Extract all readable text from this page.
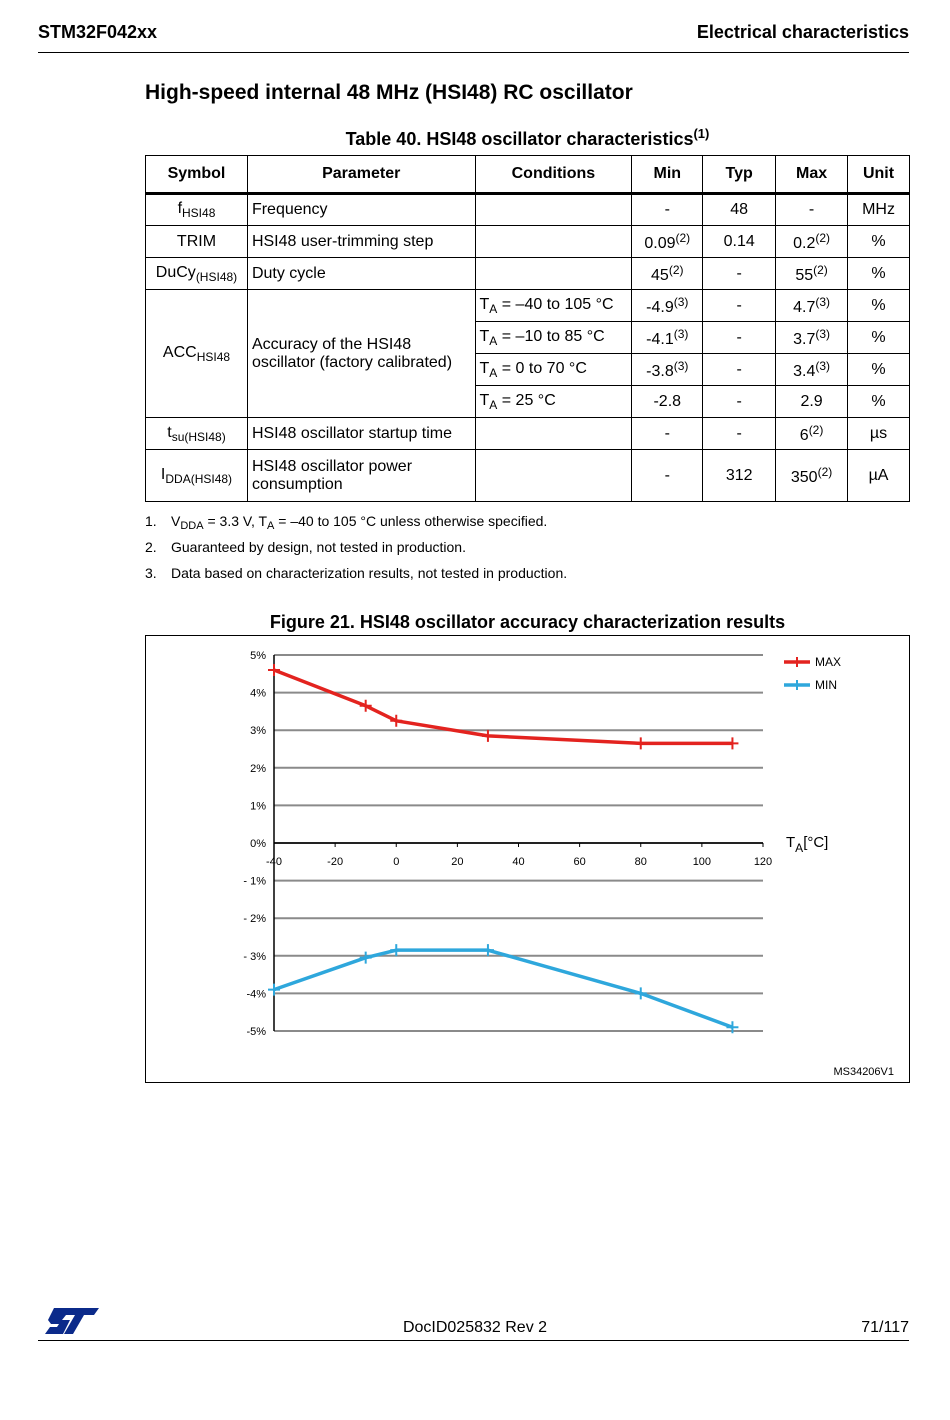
STM32F042xx	Electrical characteristics
High-speed internal 48 MHz (HSI48) RC oscillator
Table 40. HSI48 oscillator characteristics$^{(1)}$
Symbol	Parameter	Conditions	Min	Typ	Max	Unit
$f_{HSI48}$	Frequency		-	48	-	MHz
TRIM	HSI48 user-trimming step		0.09$^{(2)}$	0.14	0.2$^{(2)}$	%
DuCy$_{(HSI48)}$	Duty cycle		45$^{(2)}$	-	55$^{(2)}$	%
$ACC_{HSI48}$	Accuracy of the HSI48 oscillator (factory calibrated)	$T_A = -40$ to 105 °C	-4.9$^{(3)}$	-	4.7$^{(3)}$	%
		$T_A = -10$ to 85 °C	-4.1$^{(3)}$	-	3.7$^{(3)}$	%
		$T_A = 0$ to 70 °C	-3.8$^{(3)}$	-	3.4$^{(3)}$	%
		$T_A = 25$ °C	-2.8	-	2.9	%
$t_{su(HSI48)}$	HSI48 oscillator startup time		-	-	6$^{(2)}$	µs
$I_{DDA(HSI48)}$	HSI48 oscillator power consumption		-	312	350$^{(2)}$	µA
1.	$V_{DDA} = 3.3$ V, $T_A = -40$ to 105 °C unless otherwise specified.
2.	Guaranteed by design, not tested in production.
3.	Data based on characterization results, not tested in production.
Figure 21. HSI48 oscillator accuracy characterization results
5%
4%
3%
2%
1%
0%
- 1%
- 2%
- 3%
-4%
-5%
-40	-20	0	20	40	60	80	100	120
$T_A[^\circ C]$
MAX
MIN
MS34206V1
DocID025832 Rev 2	71/117
